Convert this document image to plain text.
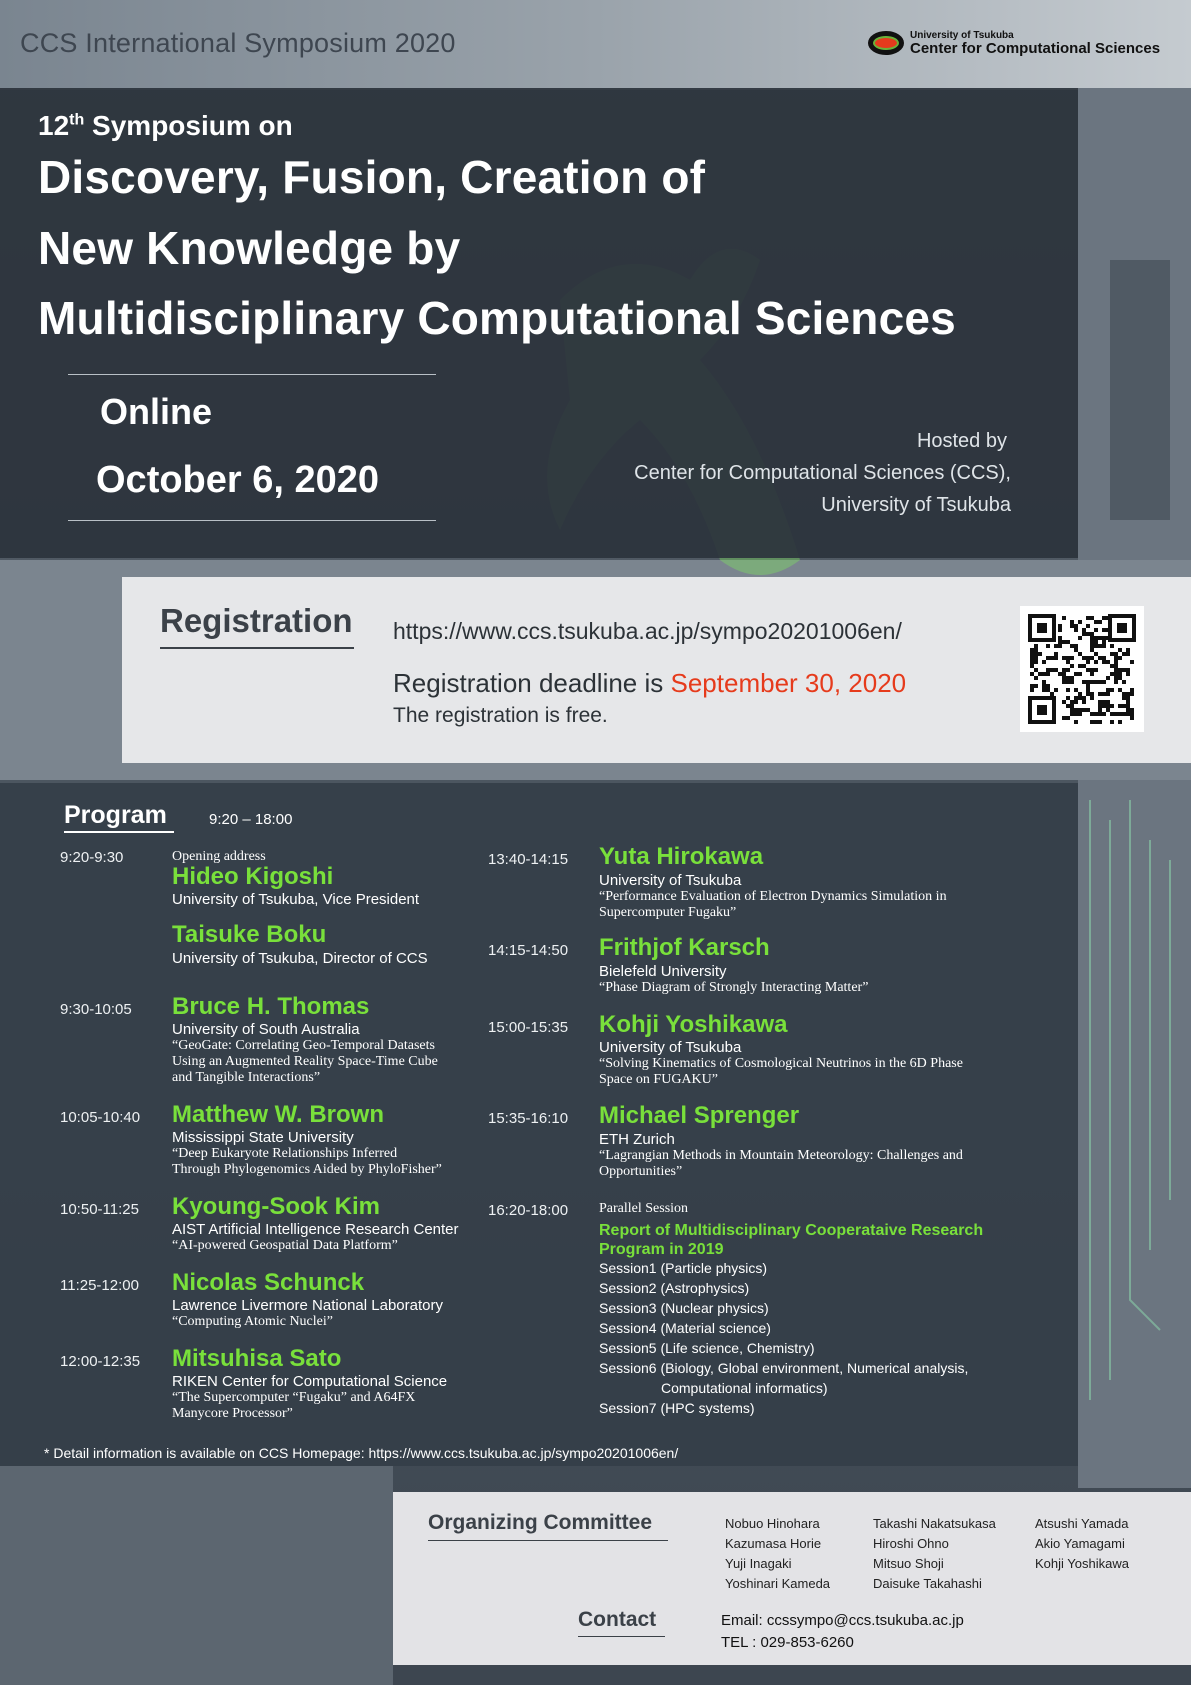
CCS International Symposium 2020	University of Tsukuba
Center for Computational Sciences
12th Symposium on
Discovery, Fusion, Creation of
New Knowledge by
Multidisciplinary Computational Sciences
Online
October 6, 2020
Hosted by
Center for Computational Sciences (CCS),
University of Tsukuba
Registration https://www.ccs.tsukuba.ac.jp/sympo20201006en/
Registration deadline is September 30, 2020
The registration is free.
Program	9:20 – 18:00
9:20-9:30	Opening address
Hideo Kigoshi
University of Tsukuba, Vice President
Taisuke Boku
University of Tsukuba, Director of CCS
9:30-10:05 Bruce H. Thomas
University of South Australia
“GeoGate: Correlating Geo-Temporal Datasets
Using an Augmented Reality Space-Time Cube
and Tangible Interactions”
10:05-10:40 Matthew W. Brown
Mississippi State University
“Deep Eukaryote Relationships Inferred
Through Phylogenomics Aided by PhyloFisher”
10:50-11:25 Kyoung-Sook Kim
AIST Artificial Intelligence Research Center
“AI-powered Geospatial Data Platform”
11:25-12:00 Nicolas Schunck
Lawrence Livermore National Laboratory
“Computing Atomic Nuclei”
12:00-12:35 Mitsuhisa Sato
RIKEN Center for Computational Science
“The Supercomputer “Fugaku” and A64FX
Manycore Processor”
13:40-14:15 Yuta Hirokawa
University of Tsukuba
“Performance Evaluation of Electron Dynamics Simulation in
Supercomputer Fugaku”
14:15-14:50 Frithjof Karsch
Bielefeld University
“Phase Diagram of Strongly Interacting Matter”
15:00-15:35 Kohji Yoshikawa
University of Tsukuba
“Solving Kinematics of Cosmological Neutrinos in the 6D Phase
Space on FUGAKU”
15:35-16:10 Michael Sprenger
ETH Zurich
“Lagrangian Methods in Mountain Meteorology: Challenges and
Opportunities”
16:20-18:00 Parallel Session
Report of Multidisciplinary Cooperataive Research
Program in 2019
Session1 (Particle physics)
Session2 (Astrophysics)
Session3 (Nuclear physics)
Session4 (Material science)
Session5 (Life science, Chemistry)
Session6 (Biology, Global environment, Numerical analysis,
Computational informatics)
Session7 (HPC systems)
* Detail information is available on CCS Homepage: https://www.ccs.tsukuba.ac.jp/sympo20201006en/
Organizing Committee	Nobuo Hinohara
Kazumasa Horie
Yuji Inagaki
Yoshinari Kameda
Takashi Nakatsukasa
Hiroshi Ohno
Mitsuo Shoji
Daisuke Takahashi
Atsushi Yamada
Akio Yamagami
Kohji Yoshikawa
Contact	Email: ccssympo@ccs.tsukuba.ac.jp
TEL : 029-853-6260
